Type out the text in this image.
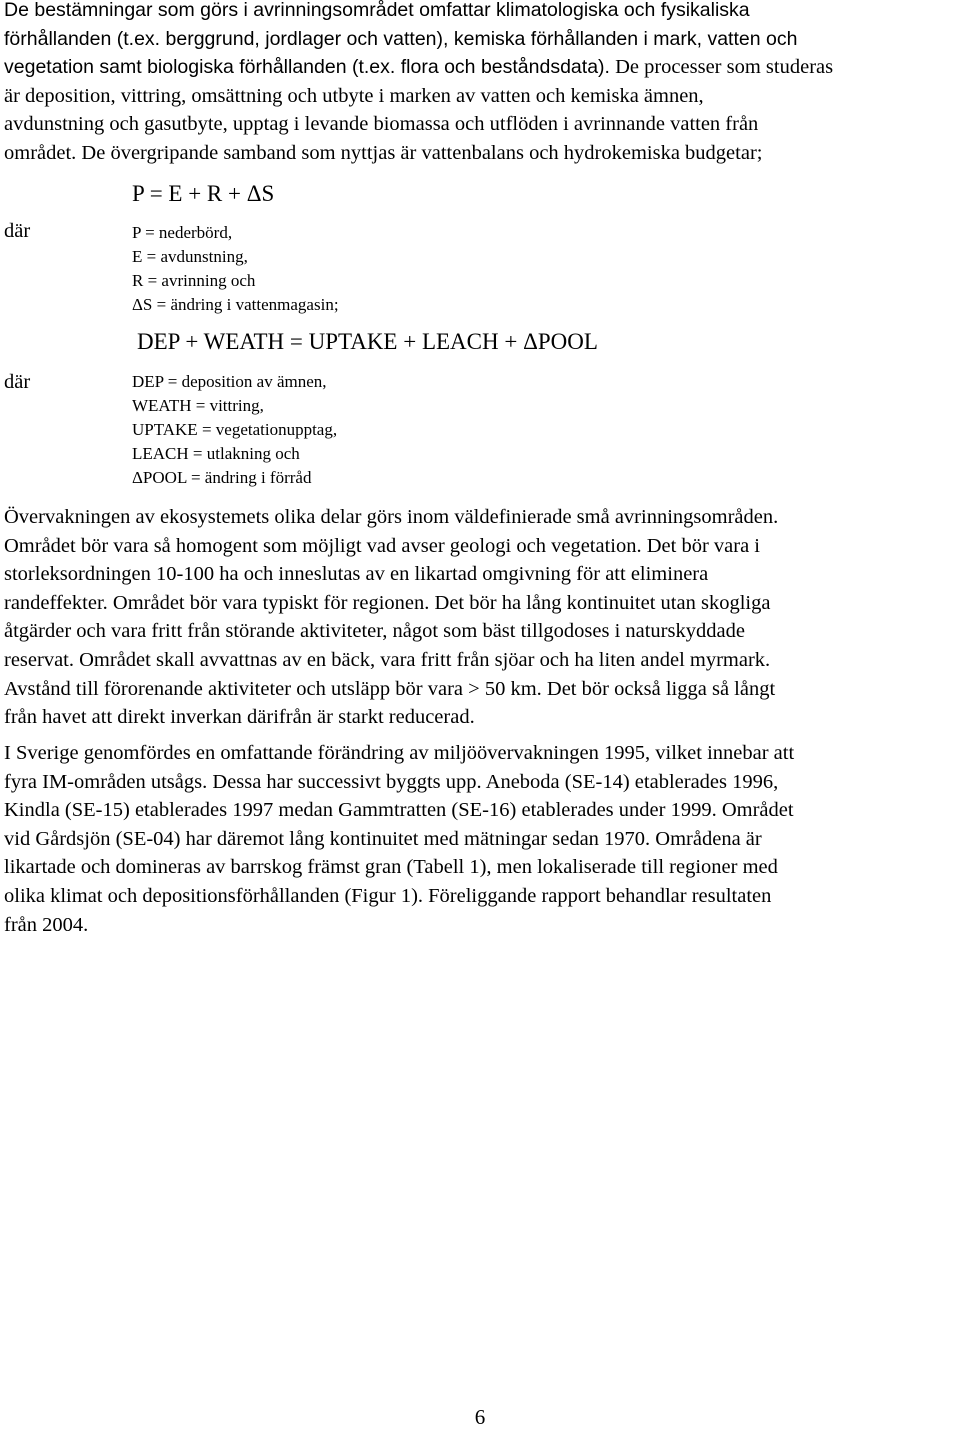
De bestämningar som görs i avrinningsområdet omfattar klimatologiska och fysikaliska
förhållanden (t.ex. berggrund, jordlager och vatten), kemiska förhållanden i mark, vatten och
vegetation samt biologiska förhållanden (t.ex. flora och beståndsdata). De processer som studeras
är deposition, vittring, omsättning och utbyte i marken av vatten och kemiska ämnen,
avdunstning och gasutbyte, upptag i levande biomassa och utflöden i avrinnande vatten från
området. De övergripande samband som nyttjas är vattenbalans och hydrokemiska budgetar;

P = E + R + ΔS

där	P = nederbörd,
E = avdunstning,
R = avrinning och
ΔS = ändring i vattenmagasin;

DEP + WEATH = UPTAKE + LEACH + ΔPOOL

där	DEP = deposition av ämnen,
WEATH = vittring,
UPTAKE = vegetationupptag,
LEACH = utlakning och
ΔPOOL = ändring i förråd
Övervakningen av ekosystemets olika delar görs inom väldefinierade små avrinningsområden.
Området bör vara så homogent som möjligt vad avser geologi och vegetation. Det bör vara i
storleksordningen 10-100 ha och inneslutas av en likartad omgivning för att eliminera
randeffekter. Området bör vara typiskt för regionen. Det bör ha lång kontinuitet utan skogliga
åtgärder och vara fritt från störande aktiviteter, något som bäst tillgodoses i naturskyddade
reservat. Området skall avvattnas av en bäck, vara fritt från sjöar och ha liten andel myrmark.
Avstånd till förorenande aktiviteter och utsläpp bör vara > 50 km. Det bör också ligga så långt
från havet att direkt inverkan därifrån är starkt reducerad.
I Sverige genomfördes en omfattande förändring av miljöövervakningen 1995, vilket innebar att
fyra IM-områden utsågs. Dessa har successivt byggts upp. Aneboda (SE-14) etablerades 1996,
Kindla (SE-15) etablerades 1997 medan Gammtratten (SE-16) etablerades under 1999. Området
vid Gårdsjön (SE-04) har däremot lång kontinuitet med mätningar sedan 1970. Områdena är
likartade och domineras av barrskog främst gran (Tabell 1), men lokaliserade till regioner med
olika klimat och depositionsförhållanden (Figur 1). Föreliggande rapport behandlar resultaten
från 2004.

6
